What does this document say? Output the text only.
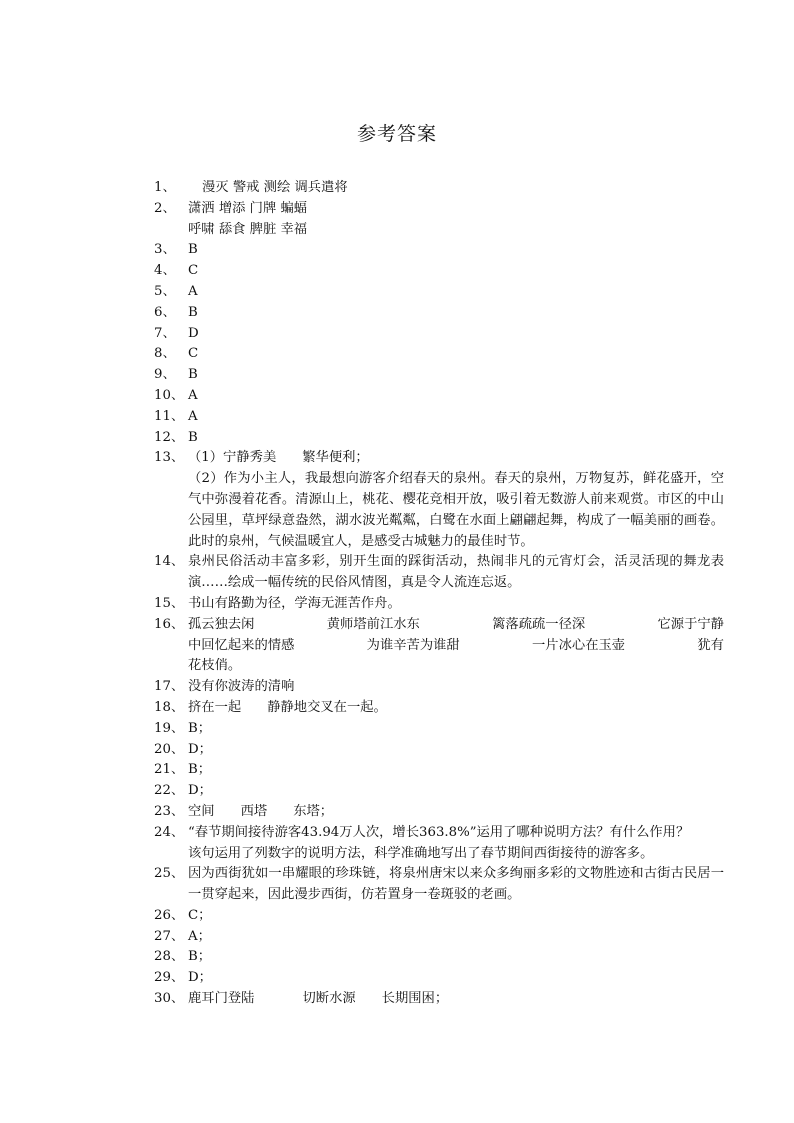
参考答案
1、	漫灭 警戒 测绘 调兵遣将
2、 潇洒 增添 门牌 蝙蝠
呼啸 舔食 脾脏 幸福
3、 B
4、 C
5、 A
6、 B
7、 D
8、 C
9、 B
10、 A
11、 A
12、 B
13、 （1）宁静秀美 繁华便利；
（2）作为小主人，我最想向游客介绍春天的泉州。春天的泉州，万物复苏，鲜花盛开，空气中弥漫着花香。清源山上，桃花、樱花竞相开放，吸引着无数游人前来观赏。市区的中山公园里，草坪绿意盎然，湖水波光粼粼，白鹭在水面上翩翩起舞，构成了一幅美丽的画卷。此时的泉州，气候温暖宜人，是感受古城魅力的最佳时节。
14、 泉州民俗活动丰富多彩，别开生面的踩街活动，热闹非凡的元宵灯会，活灵活现的舞龙表演……绘成一幅传统的民俗风情图，真是令人流连忘返。
15、 书山有路勤为径，学海无涯苦作舟。
16、 孤云独去闲	黄师塔前江水东	篱落疏疏一径深	它源于宁静
中回忆起来的情感	为谁辛苦为谁甜	一片冰心在玉壶	犹有
花枝俏。
17、 没有你波涛的清响
18、 挤在一起 静静地交叉在一起。
19、 B；
20、 D；
21、 B；
22、 D；
23、 空间 西塔 东塔；
24、 “春节期间接待游客43.94万人次，增长363.8%”运用了哪种说明方法？有什么作用？
该句运用了列数字的说明方法，科学准确地写出了春节期间西街接待的游客多。
25、 因为西街犹如一串耀眼的珍珠链，将泉州唐宋以来众多绚丽多彩的文物胜迹和古街古民居一一贯穿起来，因此漫步西街，仿若置身一卷斑驳的老画。
26、 C；
27、 A；
28、 B；
29、 D；
30、 鹿耳门登陆	切断水源 长期围困；
